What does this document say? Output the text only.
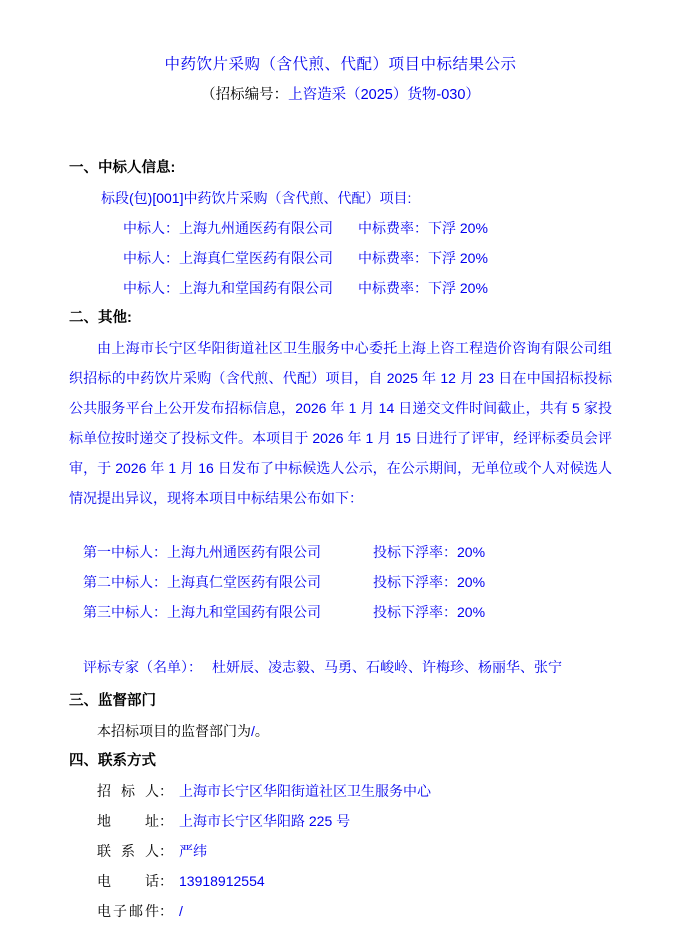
中药饮片采购（含代煎、代配）项目中标结果公示
（招标编号：上咨造采（2025）货物-030）
一、中标人信息:
标段(包)[001]中药饮片采购（含代煎、代配）项目:
中标人：上海九州通医药有限公司 中标费率：下浮 20%
中标人：上海真仁堂医药有限公司 中标费率：下浮 20%
中标人：上海九和堂国药有限公司 中标费率：下浮 20%
二、其他:

由上海市长宁区华阳街道社区卫生服务中心委托上海上咨工程造价咨询有限公司组织招标的中药饮片采购（含代煎、代配）项目，自 2025 年 12 月 23 日在中国招标投标公共服务平台上公开发布招标信息，2026 年 1 月 14 日递交文件时间截止，共有 5 家投标单位按时递交了投标文件。本项目于 2026 年 1 月 15 日进行了评审，经评标委员会评审，于 2026 年 1 月 16 日发布了中标候选人公示，在公示期间，无单位或个人对候选人情况提出异议，现将本项目中标结果公布如下：

第一中标人：上海九州通医药有限公司	投标下浮率：20%
第二中标人：上海真仁堂医药有限公司	投标下浮率：20%
第三中标人：上海九和堂国药有限公司	投标下浮率：20%
评标专家（名单）： 杜妍辰、凌志毅、马勇、石峻岭、许梅珍、杨丽华、张宁
三、监督部门
本招标项目的监督部门为/。
四、联系方式
招标人： 上海市长宁区华阳街道社区卫生服务中心
地址： 上海市长宁区华阳路 225 号
联系人： 严纬
电话： 13918912554
电子邮件： /
